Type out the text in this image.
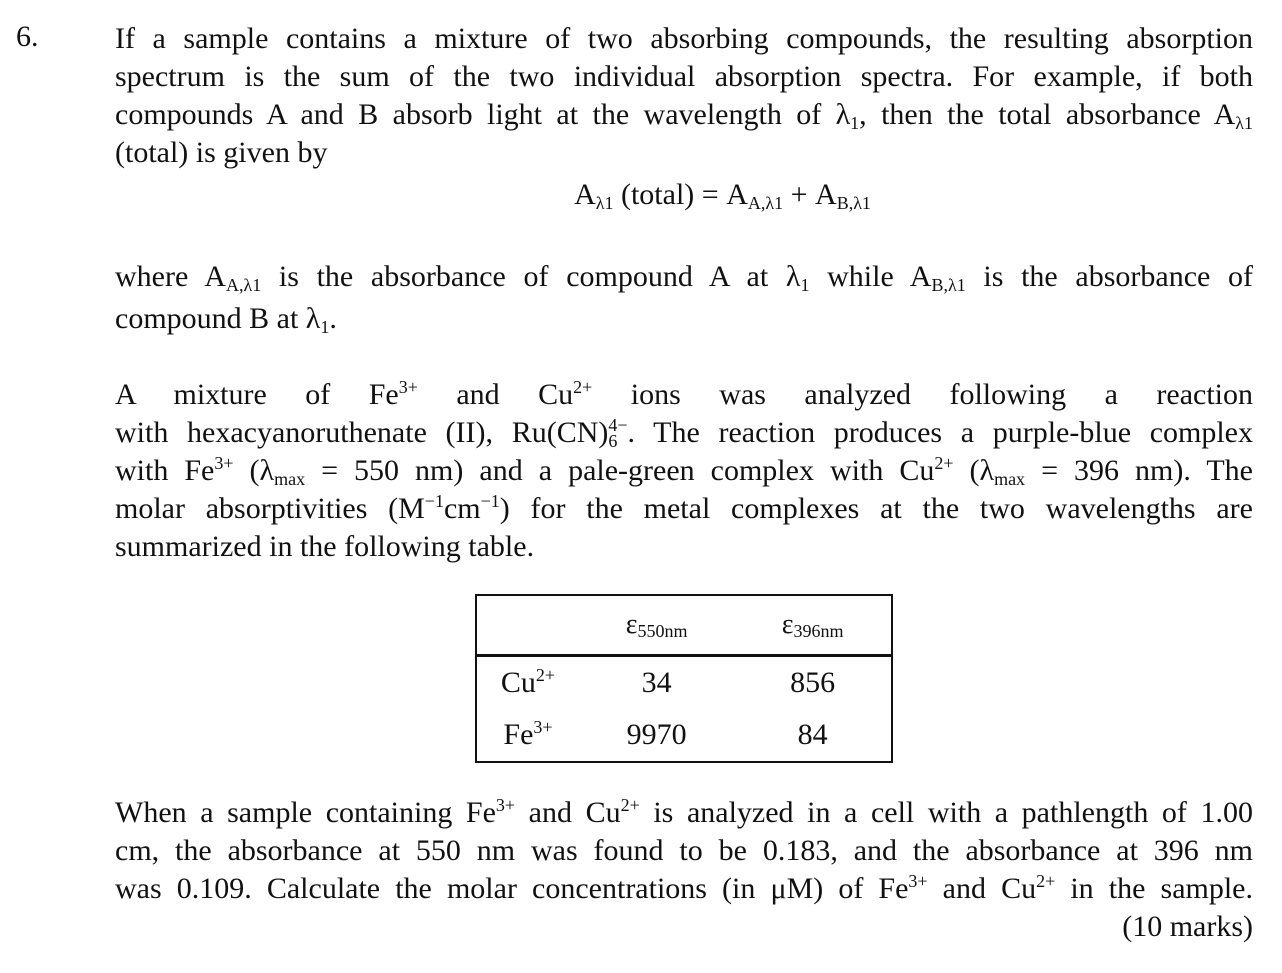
6.	If a sample contains a mixture of two absorbing compounds, the resulting absorption
spectrum is the sum of the two individual absorption spectra. For example, if both
compounds A and B absorb light at the wavelength of $\lambda_1$, then the total absorbance $A_{\lambda 1}$
(total) is given by
$A_{\lambda 1}$ (total) = $A_{A,\lambda 1} + A_{B,\lambda 1}$
where $A_{A,\lambda 1}$ is the absorbance of compound A at $\lambda_1$ while $A_{B,\lambda 1}$ is the absorbance of
compound B at $\lambda_1$.
A mixture of $Fe^{3+}$ and $Cu^{2+}$ ions was analyzed following a reaction
with hexacyanoruthenate (II), $Ru(CN)_6^{4-}$. The reaction produces a purple-blue complex
with $Fe^{3+}$ ($\lambda_{max} = 550$ nm) and a pale-green complex with $Cu^{2+}$ ($\lambda_{max} = 396$ nm). The
molar absorptivities $(M^{-1}cm^{-1})$ for the metal complexes at the two wavelengths are
summarized in the following table.
	$\varepsilon_{550nm}$	$\varepsilon_{396nm}$
$Cu^{2+}$	34	856
$Fe^{3+}$	9970	84
When a sample containing $Fe^{3+}$ and $Cu^{2+}$ is analyzed in a cell with a pathlength of 1.00
cm, the absorbance at 550 nm was found to be 0.183, and the absorbance at 396 nm
was 0.109. Calculate the molar concentrations (in μM) of $Fe^{3+}$ and $Cu^{2+}$ in the sample.
(10 marks)
